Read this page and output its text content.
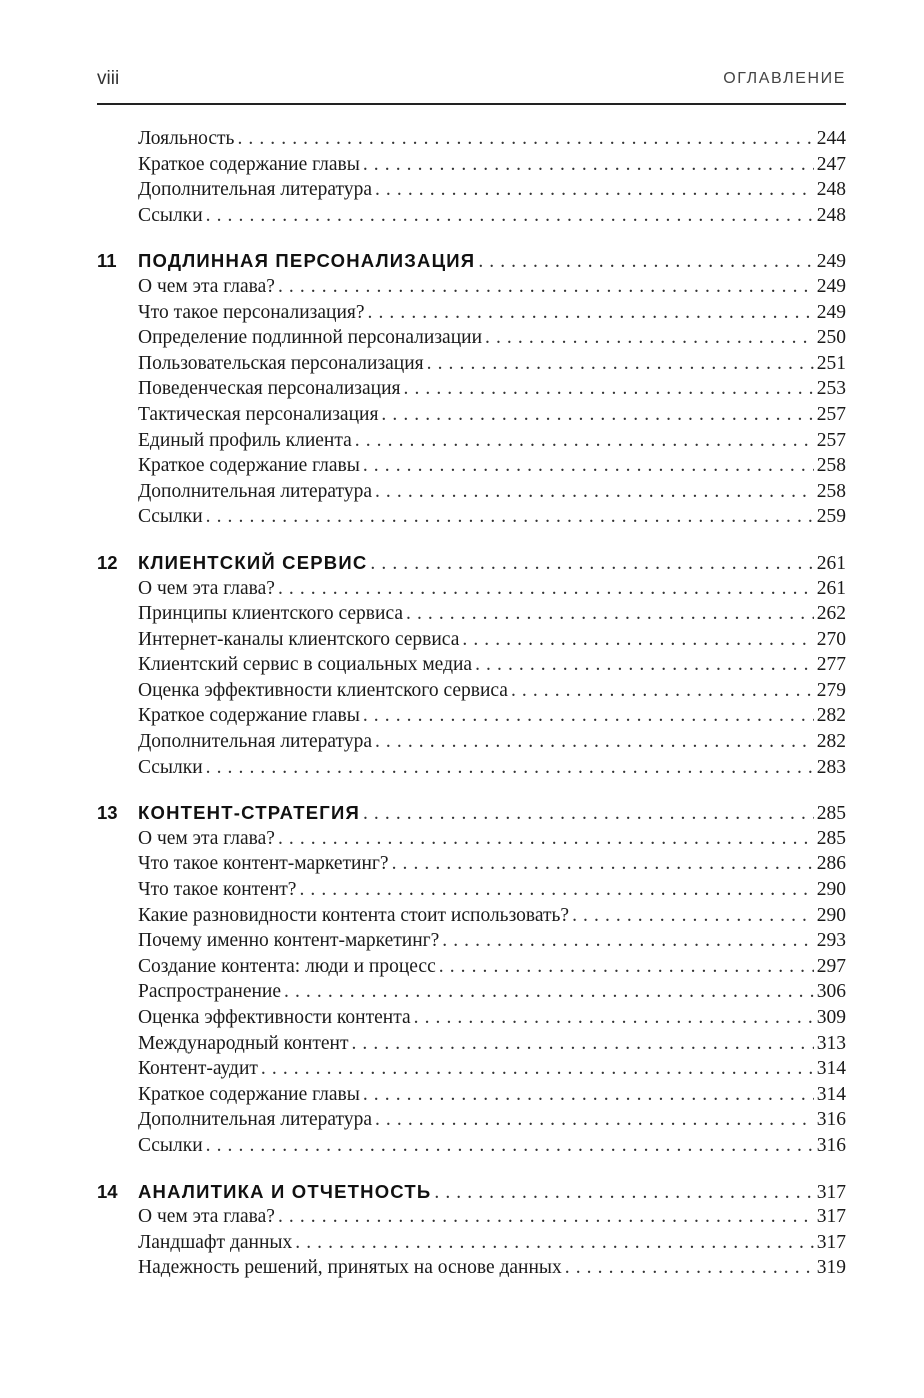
viii	ОГЛАВЛЕНИЕ
Лояльность . . .	244
Краткое содержание главы . . .	247
Дополнительная литература . . .	248
Ссылки . . .	248
11	ПОДЛИННАЯ ПЕРСОНАЛИЗАЦИЯ . . .	249
О чем эта глава? . . .	249
Что такое персонализация? . . .	249
Определение подлинной персонализации . . .	250
Пользовательская персонализация . . .	251
Поведенческая персонализация . . .	253
Тактическая персонализация . . .	257
Единый профиль клиента . . .	257
Краткое содержание главы . . .	258
Дополнительная литература . . .	258
Ссылки . . .	259
12	КЛИЕНТСКИЙ СЕРВИС . . .	261
О чем эта глава? . . .	261
Принципы клиентского сервиса . . .	262
Интернет-каналы клиентского сервиса . . .	270
Клиентский сервис в социальных медиа . . .	277
Оценка эффективности клиентского сервиса . . .	279
Краткое содержание главы . . .	282
Дополнительная литература . . .	282
Ссылки . . .	283
13	КОНТЕНТ-СТРАТЕГИЯ . . .	285
О чем эта глава? . . .	285
Что такое контент-маркетинг? . . .	286
Что такое контент? . . .	290
Какие разновидности контента стоит использовать? . . .	290
Почему именно контент-маркетинг? . . .	293
Создание контента: люди и процесс . . .	297
Распространение . . .	306
Оценка эффективности контента . . .	309
Международный контент . . .	313
Контент-аудит . . .	314
Краткое содержание главы . . .	314
Дополнительная литература . . .	316
Ссылки . . .	316
14	АНАЛИТИКА И ОТЧЕТНОСТЬ . . .	317
О чем эта глава? . . .	317
Ландшафт данных . . .	317
Надежность решений, принятых на основе данных . . .	319
